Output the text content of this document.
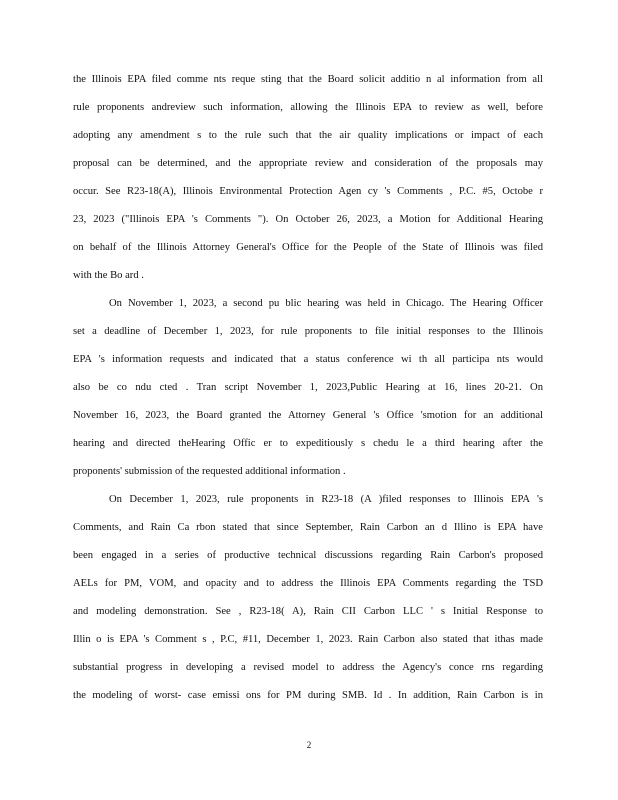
the Illinois EPA filed comme nts reque sting that the Board solicit additio n al information from all
rule proponents andreview such information, allowing the Illinois EPA to review as well, before
adopting any amendment s to the rule such that the air quality implications or impact of each
proposal can be determined, and the appropriate review and consideration of the proposals may
occur. See R23-18(A), Illinois Environmental Protection Agen cy 's Comments , P.C. #5, Octobe r
23, 2023 ("Illinois EPA 's Comments "). On October 26, 2023, a Motion for Additional Hearing
on behalf of the Illinois Attorney General's Office for the People of the State of Illinois was filed
with the Bo ard .
On November 1, 2023, a second pu blic hearing was held in Chicago. The Hearing Officer
set a deadline of December 1, 2023, for rule proponents to file initial responses to the Illinois
EPA 's information requests and indicated that a status conference wi th all participa nts would
also be co ndu cted . Tran script November 1, 2023,Public Hearing at 16, lines 20-21. On
November 16, 2023, the Board granted the Attorney General 's Office 'smotion for an additional
hearing and directed theHearing Offic er to expeditiously s chedu le a third hearing after the
proponents' submission of the requested additional information .
On December 1, 2023, rule proponents in R23-18 (A )filed responses to Illinois EPA 's
Comments, and Rain Ca rbon stated that since September, Rain Carbon an d Illino is EPA have
been engaged in a series of productive technical discussions regarding Rain Carbon's proposed
AELs for PM, VOM, and opacity and to address the Illinois EPA Comments regarding the TSD
and modeling demonstration. See , R23-18( A), Rain CII Carbon LLC ' s Initial Response to
Illin o is EPA 's Comment s , P.C, #11, December 1, 2023. Rain Carbon also stated that ithas made
substantial progress in developing a revised model to address the Agency's conce rns regarding
the modeling of worst- case emissi ons for PM during SMB. Id . In addition, Rain Carbon is in
2
